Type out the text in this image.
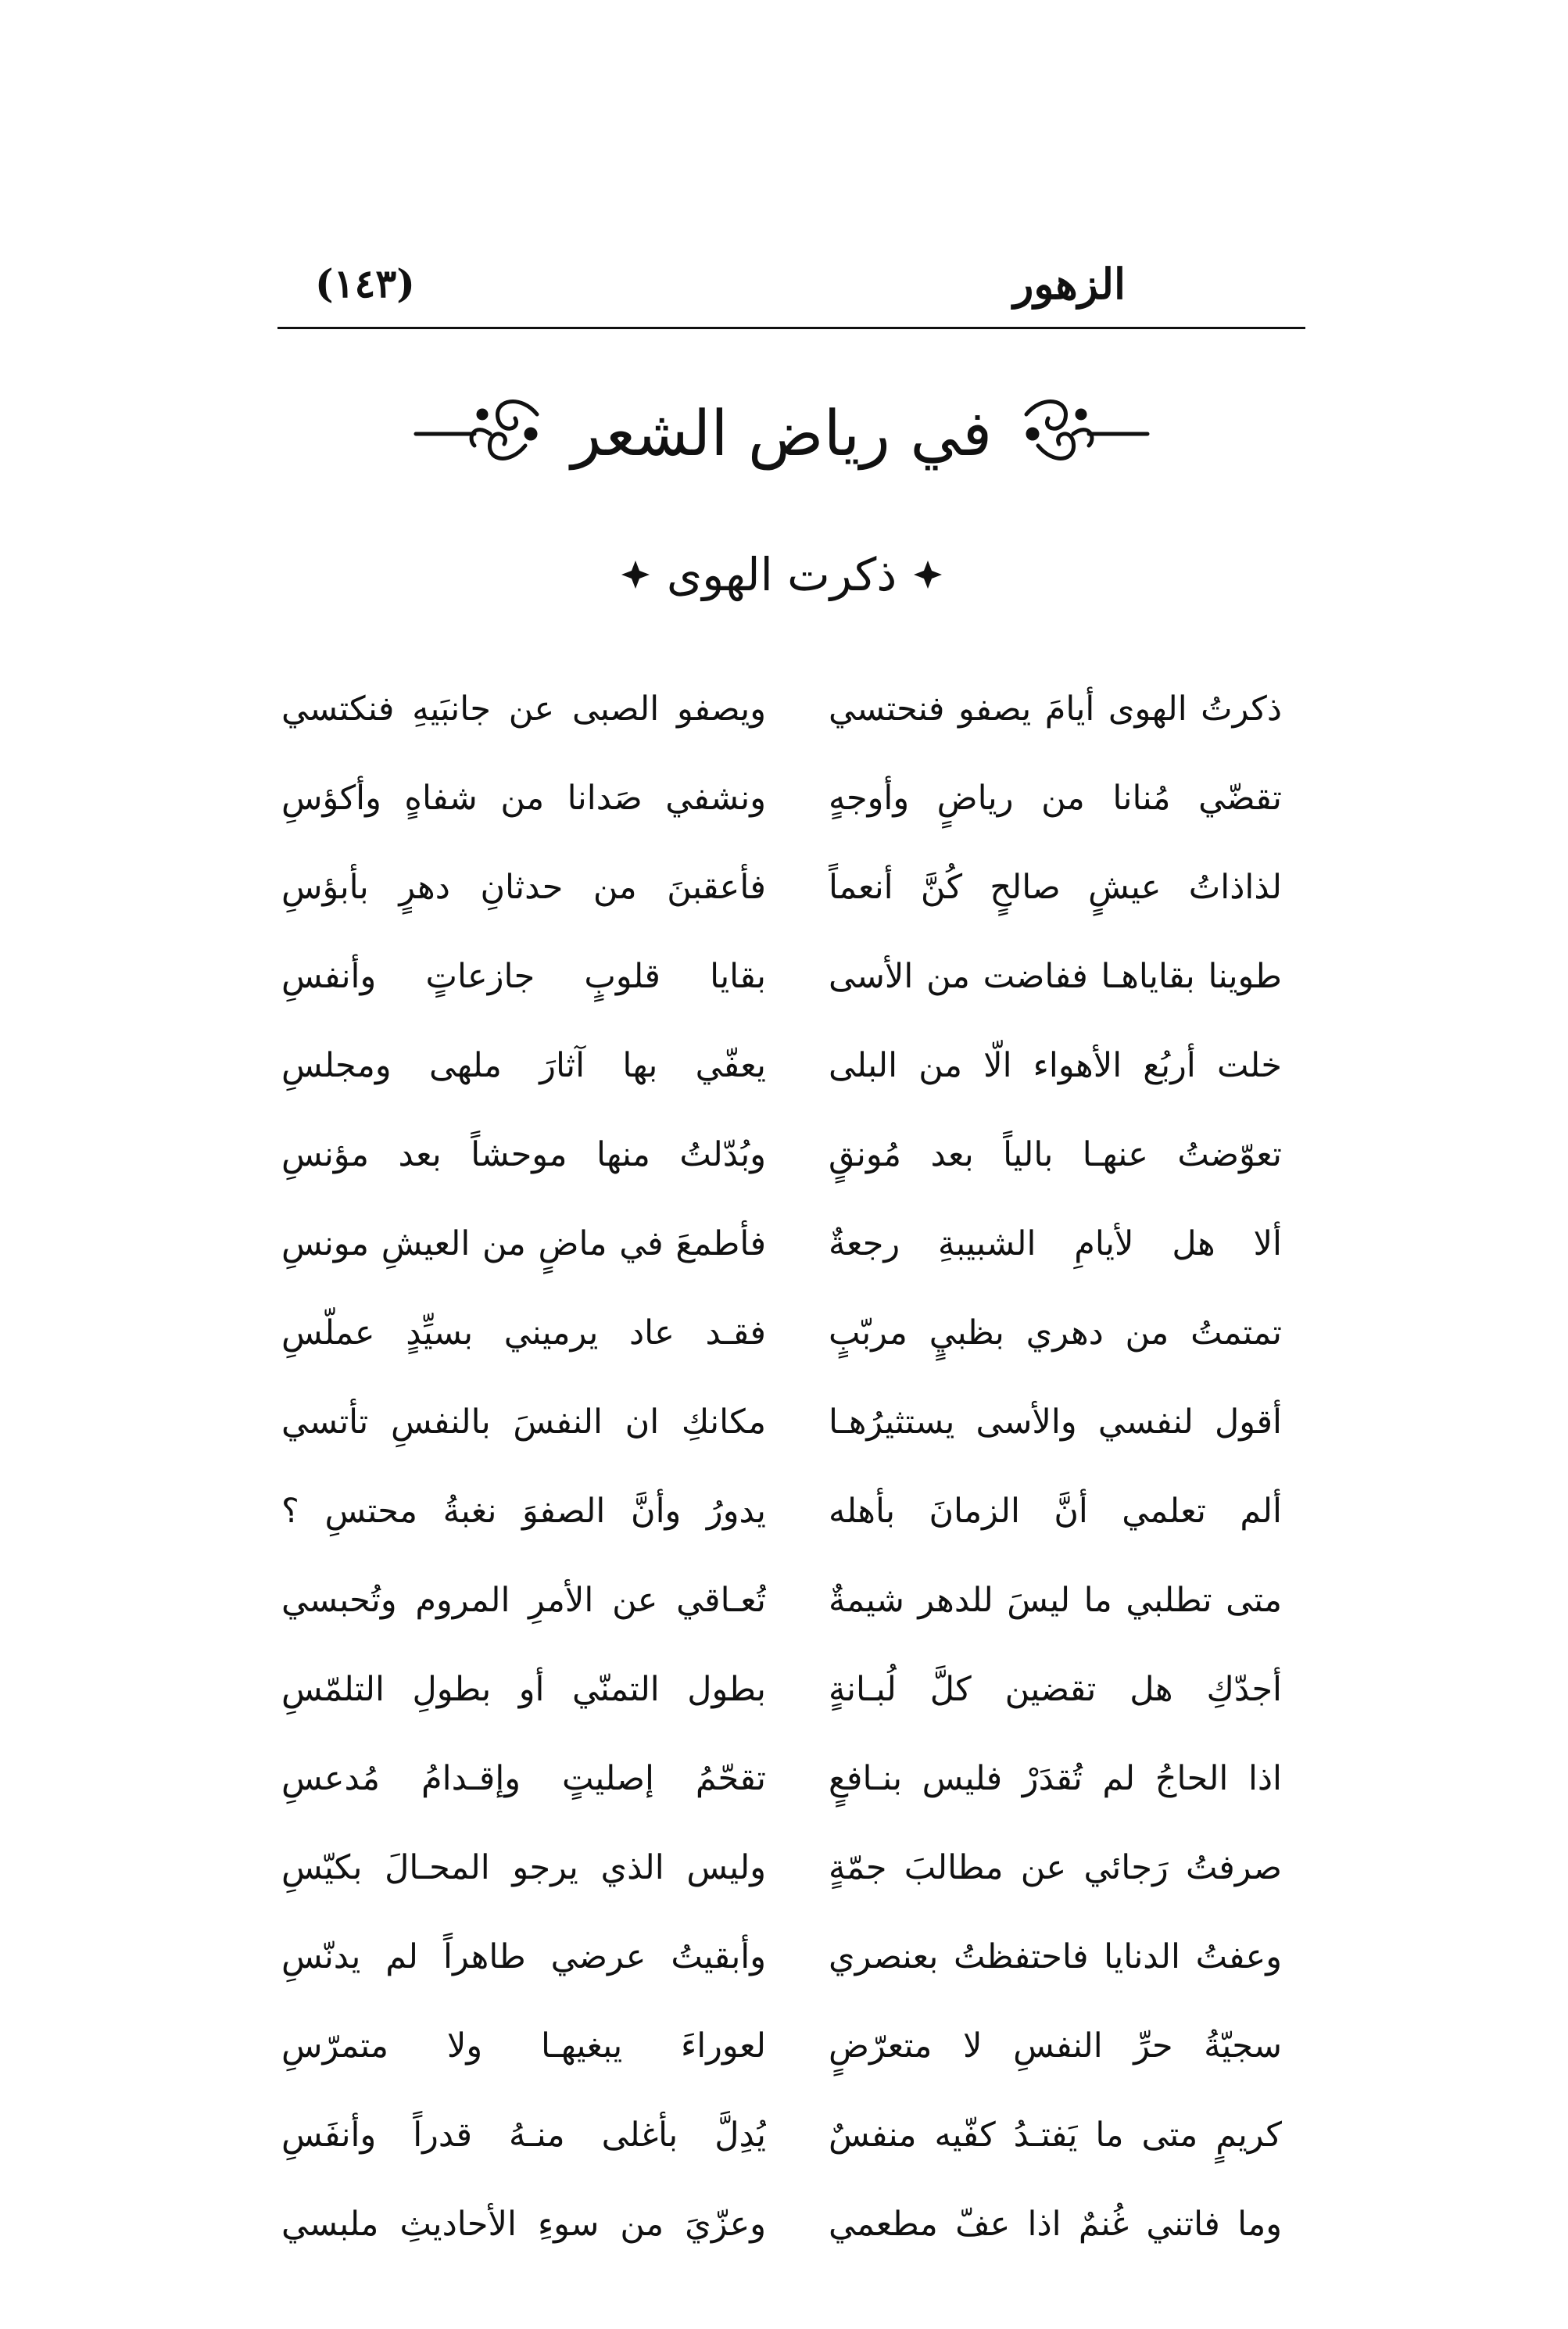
الزهور
(١٤٣)
في رياض الشعر
ذكرت الهوى
ذكرتُ الهوى أيامَ يصفو فنحتسي
ويصفو الصبى عن جانبَيهِ فنكتسي
تقضّي مُنانا من رياضٍ وأوجهٍ
ونشفي صَدانا من شفاهٍ وأكؤسِ
لذاذاتُ عيشٍ صالحٍ كُنَّ أنعماً
فأعقبنَ من حدثانِ دهرٍ بأبؤسِ
طوينا بقاياهـا ففاضت من الأسى
بقايا قلوبٍ جازعاتٍ وأنفسِ
خلت أربُع الأهواء الّا من البلى
يعفّي بها آثارَ ملهى ومجلسِ
تعوّضتُ عنهـا بالياً بعد مُونقٍ
وبُدّلتُ منها موحشاً بعد مؤنسِ
ألا هل لأيامِ الشبيبةِ رجعةٌ
فأطمعَ في ماضٍ من العيشِ مونسِ
تمتمتُ من دهري بظبيٍ مربّبٍ
فقـد عاد يرميني بسيِّدٍ عملّسِ
أقول لنفسي والأسى يستثيرُهـا
مكانكِ ان النفسَ بالنفسِ تأتسي
ألم تعلمي أنَّ الزمانَ بأهله
يدورُ وأنَّ الصفوَ نغبةُ محتسِ ؟
متى تطلبي ما ليسَ للدهر شيمةٌ
تُعـاقي عن الأمرِ المروم وتُحبسي
أجدّكِ هل تقضين كلَّ لُبـانةٍ
بطول التمنّي أو بطولِ التلمّسِ
اذا الحاجُ لم تُقدَرْ فليس بنـافعٍ
تقحّمُ إصليتٍ وإقـدامُ مُدعسِ
صرفتُ رَجائي عن مطالبَ جمّةٍ
وليس الذي يرجو المحـالَ بكيّسِ
وعفتُ الدنايا فاحتفظتُ بعنصري
وأبقيتُ عرضي طاهراً لم يدنّسِ
سجيّةُ حرِّ النفسِ لا متعرّضٍ
لعوراءَ يبغيهـا ولا متمرّسِ
كريمٍ متى ما يَفتـدُ كفّيه منفسٌ
يُدِلَّ بأغلى منـهُ قدراً وأنفَسِ
وما فاتني غُنمٌ اذا عفّ مطعمي
وعزّيَ من سوءِ الأحاديثِ ملبسي
